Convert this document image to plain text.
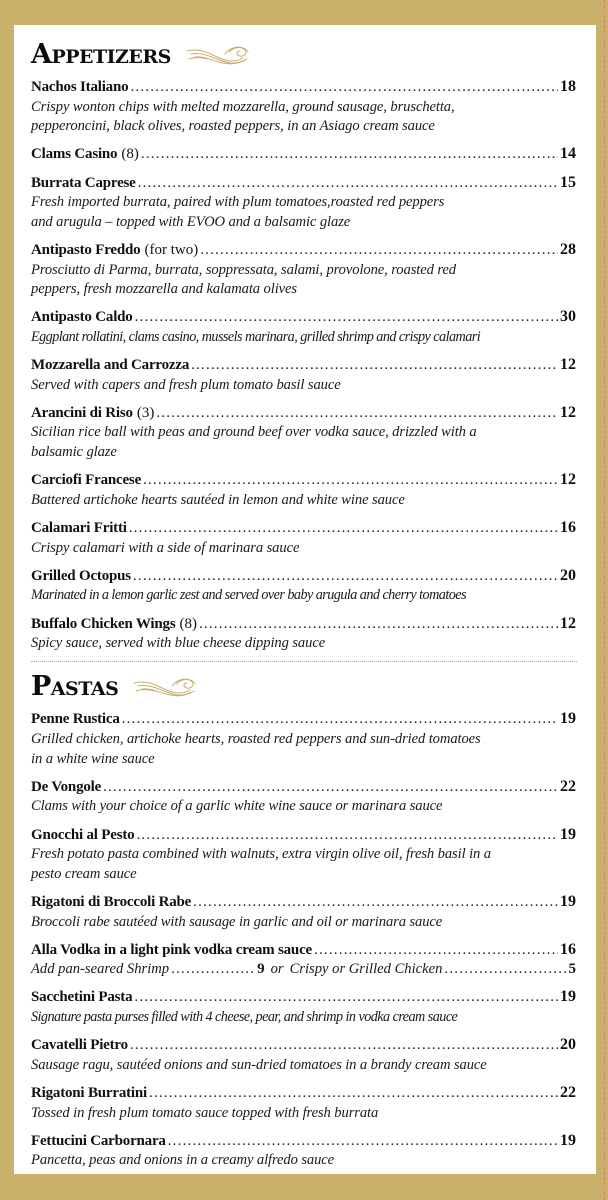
Appetizers
Nachos Italiano .....	18
Crispy wonton chips with melted mozzarella, ground sausage, bruschetta,
pepperoncini, black olives, roasted peppers, in an Asiago cream sauce
Clams Casino (8) .....	14
Burrata Caprese .....	15
Fresh imported burrata, paired with plum tomatoes,roasted red peppers
and arugula – topped with EVOO and a balsamic glaze
Antipasto Freddo (for two) .....	28
Prosciutto di Parma, burrata, soppressata, salami, provolone, roasted red
peppers, fresh mozzarella and kalamata olives
Antipasto Caldo .....	30
Eggplant rollatini, clams casino, mussels marinara, grilled shrimp and crispy calamari
Mozzarella and Carrozza .....	12
Served with capers and fresh plum tomato basil sauce
Arancini di Riso (3) .....	12
Sicilian rice ball with peas and ground beef over vodka sauce, drizzled with a
balsamic glaze
Carciofi Francese .....	12
Battered artichoke hearts sautéed in lemon and white wine sauce
Calamari Fritti .....	16
Crispy calamari with a side of marinara sauce
Grilled Octopus .....	20
Marinated in a lemon garlic zest and served over baby arugula and cherry tomatoes
Buffalo Chicken Wings (8) .....	12
Spicy sauce, served with blue cheese dipping sauce
Pastas
Penne Rustica .....	19
Grilled chicken, artichoke hearts, roasted red peppers and sun-dried tomatoes
in a white wine sauce
De Vongole .....	22
Clams with your choice of a garlic white wine sauce or marinara sauce
Gnocchi al Pesto .....	19
Fresh potato pasta combined with walnuts, extra virgin olive oil, fresh basil in a
pesto cream sauce
Rigatoni di Broccoli Rabe .....	19
Broccoli rabe sautéed with sausage in garlic and oil or marinara sauce
Alla Vodka in a light pink vodka cream sauce .....	16
Add pan-seared Shrimp .....	9 or Crispy or Grilled Chicken .....	5
Sacchetini Pasta .....	19
Signature pasta purses filled with 4 cheese, pear, and shrimp in vodka cream sauce
Cavatelli Pietro .....	20
Sausage ragu, sautéed onions and sun-dried tomatoes in a brandy cream sauce
Rigatoni Burratini .....	22
Tossed in fresh plum tomato sauce topped with fresh burrata
Fettucini Carbornara .....	19
Pancetta, peas and onions in a creamy alfredo sauce
